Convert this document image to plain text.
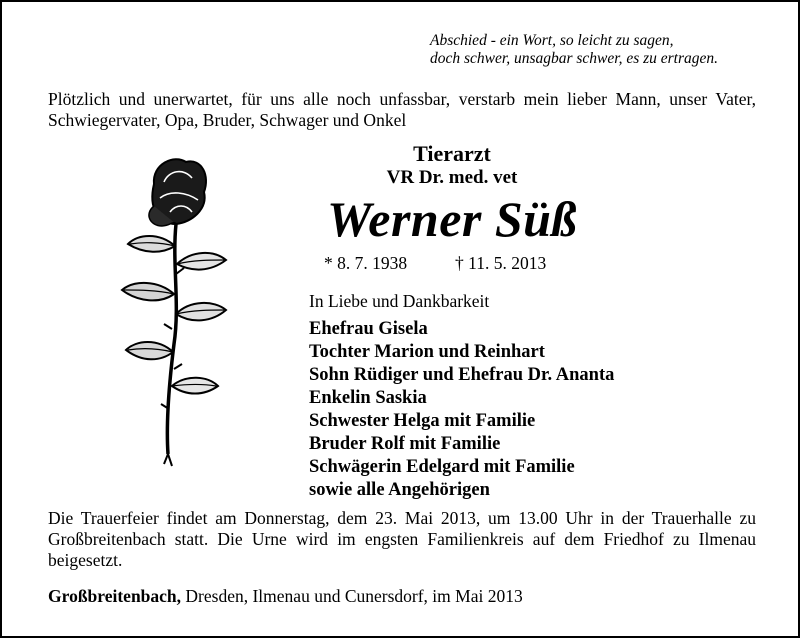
Abschied - ein Wort, so leicht zu sagen,
doch schwer, unsagbar schwer, es zu ertragen.
Plötzlich und unerwartet, für uns alle noch unfassbar, verstarb mein lieber Mann, unser Vater, Schwiegervater, Opa, Bruder, Schwager und Onkel
Tierarzt
VR Dr. med. vet
Werner Süß
* 8. 7. 1938	† 11. 5. 2013
In Liebe und Dankbarkeit
Ehefrau Gisela
Tochter Marion und Reinhart
Sohn Rüdiger und Ehefrau Dr. Ananta
Enkelin Saskia
Schwester Helga mit Familie
Bruder Rolf mit Familie
Schwägerin Edelgard mit Familie
sowie alle Angehörigen
Die Trauerfeier findet am Donnerstag, dem 23. Mai 2013, um 13.00 Uhr in der Trauerhalle zu Großbreitenbach statt. Die Urne wird im engsten Familienkreis auf dem Friedhof zu Ilmenau beigesetzt.
Großbreitenbach, Dresden, Ilmenau und Cunersdorf, im Mai 2013
